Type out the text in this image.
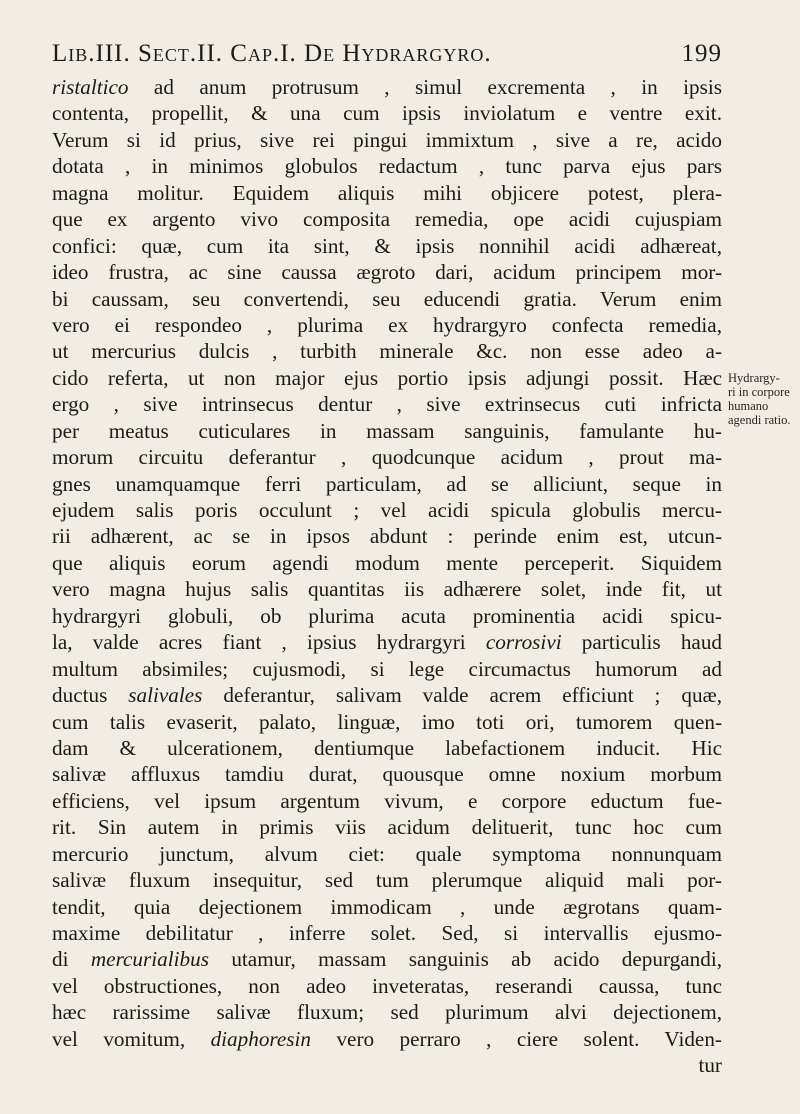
Lib.III. Sect.II. Cap.I. De Hydrargyro.	199
ristaltico ad anum protrusum , simul excrementa , in ipsis
contenta, propellit, & una cum ipsis inviolatum e ventre exit.
Verum si id prius, sive rei pingui immixtum , sive a re, acido
dotata , in minimos globulos redactum , tunc parva ejus pars
magna molitur. Equidem aliquis mihi objicere potest, plera-
que ex argento vivo composita remedia, ope acidi cujuspiam
confici: quæ, cum ita sint, & ipsis nonnihil acidi adhæreat,
ideo frustra, ac sine caussa ægroto dari, acidum principem mor-
bi caussam, seu convertendi, seu educendi gratia. Verum enim
vero ei respondeo , plurima ex hydrargyro confecta remedia,
ut mercurius dulcis , turbith minerale &c. non esse adeo a-
cido referta, ut non major ejus portio ipsis adjungi possit. Hæc
ergo , sive intrinsecus dentur , sive extrinsecus cuti infricta
per meatus cuticulares in massam sanguinis, famulante hu-
morum circuitu deferantur , quodcunque acidum , prout ma-
gnes unamquamque ferri particulam, ad se alliciunt, seque in
ejudem salis poris occulunt ; vel acidi spicula globulis mercu-
rii adhærent, ac se in ipsos abdunt : perinde enim est, utcun-
que aliquis eorum agendi modum mente perceperit. Siquidem
vero magna hujus salis quantitas iis adhærere solet, inde fit, ut
hydrargyri globuli, ob plurima acuta prominentia acidi spicu-
la, valde acres fiant , ipsius hydrargyri corrosivi particulis haud
multum absimiles; cujusmodi, si lege circumactus humorum ad
ductus salivales deferantur, salivam valde acrem efficiunt ; quæ,
cum talis evaserit, palato, linguæ, imo toti ori, tumorem quen-
dam & ulcerationem, dentiumque labefactionem inducit. Hic
salivæ affluxus tamdiu durat, quousque omne noxium morbum
efficiens, vel ipsum argentum vivum, e corpore eductum fue-
rit. Sin autem in primis viis acidum delituerit, tunc hoc cum
mercurio junctum, alvum ciet: quale symptoma nonnunquam
salivæ fluxum insequitur, sed tum plerumque aliquid mali por-
tendit, quia dejectionem immodicam , unde ægrotans quam-
maxime debilitatur , inferre solet. Sed, si intervallis ejusmo-
di mercurialibus utamur, massam sanguinis ab acido depurgandi,
vel obstructiones, non adeo inveteratas, reserandi caussa, tunc
hæc rarissime salivæ fluxum; sed plurimum alvi dejectionem,
vel vomitum, diaphoresin vero perraro , ciere solent. Viden-
tur
Hydrargy-
ri in corpore
humano
agendi ratio.
